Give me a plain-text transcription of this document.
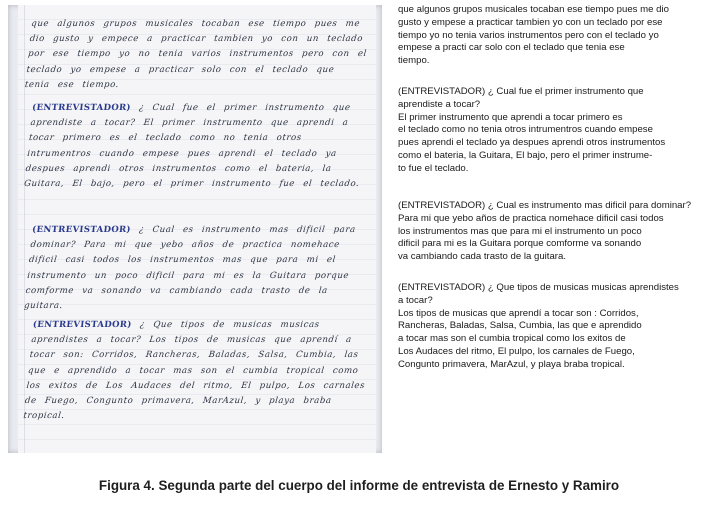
que algunos grupos musicales tocaban ese tiempo pues me dio gusto y empece a practicar tambien yo con un teclado por ese tiempo yo no tenia varios instrumentos pero con el teclado yo empese a practicar solo con el teclado que tenia ese tiempo.
(ENTREVISTADOR) ¿ Cual fue el primer instrumento que aprendiste a tocar? El primer instrumento que aprendi a tocar primero es el teclado como no tenia otros intrumentros cuando empese pues aprendi el teclado ya despues aprendi otros instrumentos como el bateria, la Guitara, El bajo, pero el primer instrumento fue el teclado.
(ENTREVISTADOR) ¿ Cual es instrumento mas dificil para dominar? Para mi que yebo años de practica nomehace dificil casi todos los instrumentos mas que para mi el instrumento un poco dificil para mi es la Guitara porque comforme va sonando va cambiando cada trasto de la guitara.
(ENTREVISTADOR) ¿ Que tipos de musicas musicas aprendistes a tocar? Los tipos de musicas que aprendí a tocar son: Corridos, Rancheras, Baladas, Salsa, Cumbia, las que e aprendido a tocar mas son el cumbia tropical como los exitos de Los Audaces del ritmo, El pulpo, Los carnales de Fuego, Congunto primavera, MarAzul, y playa braba tropical.

que algunos grupos musicales tocaban ese tiempo pues me dio

gusto y empese a practicar tambien yo con un teclado por ese

tiempo yo no tenia varios instrumentos pero con el teclado yo

empese a practi car solo con el teclado que tenia ese

tiempo.

(ENTREVISTADOR) ¿ Cual fue el primer instrumento que

aprendiste a tocar?

El primer instrumento que aprendi a tocar primero es

el teclado como no tenia otros intrumentros cuando empese

pues aprendi el teclado ya despues aprendi otros instrumentos

como el bateria, la Guitara, El bajo, pero el primer instrume-

to fue el teclado.

(ENTREVISTADOR) ¿ Cual es instrumento mas dificil para dominar?

Para mi que yebo años de practica nomehace dificil casi todos

los instrumentos mas que para mi el instrumento un poco

dificil para mi es la Guitara porque comforme va sonando

va cambiando cada trasto de la guitara.

(ENTREVISTADOR) ¿ Que tipos de musicas musicas aprendistes

a tocar?

Los tipos de musicas que aprendí a tocar son : Corridos,

Rancheras, Baladas, Salsa, Cumbia, las que e aprendido

a tocar mas son el cumbia tropical como los exitos de

Los Audaces del ritmo, El pulpo, los carnales de Fuego,

Congunto primavera, MarAzul, y playa braba tropical.

Figura 4. Segunda parte del cuerpo del informe de entrevista de Ernesto y Ramiro
